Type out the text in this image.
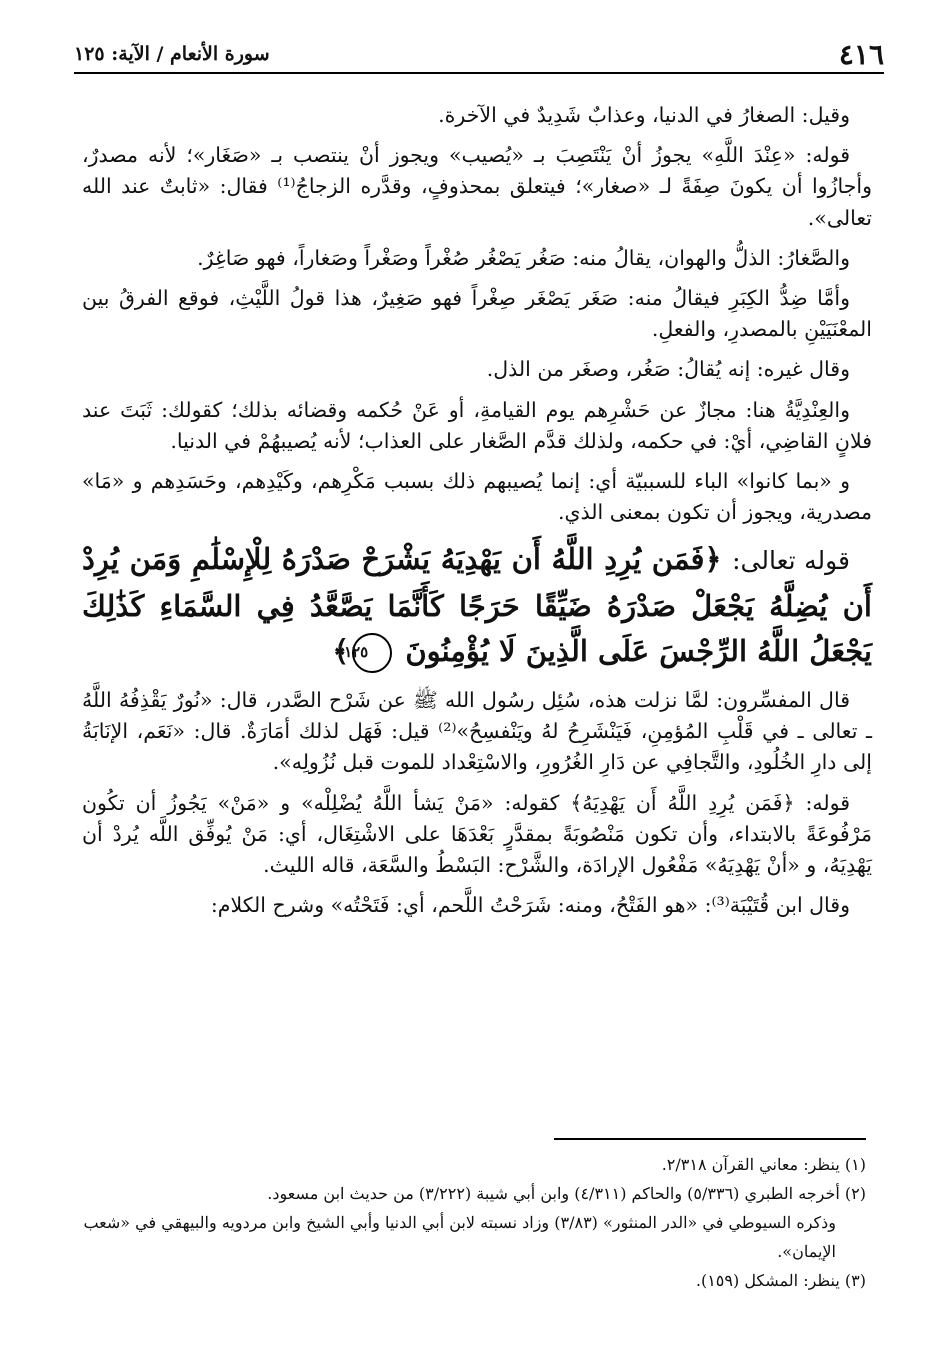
٤١٦
سورة الأنعام / الآية: ١٢٥

وقيل: الصغارُ في الدنيا، وعذابٌ شَدِيدٌ في الآخرة.

قوله: «عِنْدَ اللَّهِ» يجوزُ أنْ يَنْتَصِبَ بـ «يُصيب» ويجوز أنْ ينتصب بـ «صَغَار»؛ لأنه مصدرٌ، وأجازُوا أن يكونَ صِفَةً لـ «صغار»؛ فيتعلق بمحذوفٍ، وقدَّره الزجاجُ⁽¹⁾ فقال: «ثابتٌ عند الله تعالى».

والصَّغارُ: الذلُّ والهوان، يقالُ منه: صَغُر يَصْغُر صُغْراً وصَغْراً وصَغاراً، فهو صَاغِرٌ.

وأمَّا ضِدُّ الكِبَرِ فيقالُ منه: صَغَر يَصْغَر صِغْراً فهو صَغِيرٌ، هذا قولُ اللَّيْثِ، فوقع الفرقُ بين المعْنَيَيْنِ بالمصدرِ، والفعلِ.

وقال غيره: إنه يُقالُ: صَغُر، وصغَر من الذل.

والعِنْدِيَّةُ هنا: مجازٌ عن حَشْرِهم يوم القيامةِ، أو عَنْ حُكمه وقضائه بذلك؛ كقولك: ثَبَتَ عند فلانٍ القاضِي، أيْ: في حكمه، ولذلك قدَّم الصَّغار على العذاب؛ لأنه يُصيبهُمْ في الدنيا.

و «بما كانوا» الباء للسببيّة أي: إنما يُصيبهم ذلك بسبب مَكْرِهم، وكَيْدِهم، وحَسَدِهم و «مَا» مصدرية، ويجوز أن تكون بمعنى الذي.

قوله تعالى: ﴿فَمَن يُرِدِ اللَّهُ أَن يَهْدِيَهُ يَشْرَحْ صَدْرَهُ لِلْإِسْلَٰمِ وَمَن يُرِدْ أَن يُضِلَّهُ يَجْعَلْ صَدْرَهُ ضَيِّقًا حَرَجًا كَأَنَّمَا يَصَّعَّدُ فِي السَّمَاءِ كَذَٰلِكَ يَجْعَلُ اللَّهُ الرِّجْسَ عَلَى الَّذِينَ لَا يُؤْمِنُونَ ١٢٥﴾

قال المفسِّرون: لمَّا نزلت هذه، سُئِل رسُول الله ﷺ عن شَرْح الصَّدر، قال: «نُورٌ يَقْذِفُهُ اللَّهُ ـ تعالى ـ في قَلْبِ المُؤمِنِ، فَيَنْشَرِحُ لهُ ويَنْفسِحُ»⁽²⁾ قيل: فَهَل لذلك أمَارَةٌ. قال: «نَعَم، الإنَابَةُ إلى دارِ الخُلُودِ، والتَّجافِي عن دَارِ الغُرُورِ، والاسْتِعْداد للموت قبل نُزُولِه».

قوله: ﴿فَمَن يُرِدِ اللَّهُ أَن يَهْدِيَهُ﴾ كقوله: «مَنْ يَشأ اللَّهُ يُضْلِلْه» و «مَنْ» يَجُوزُ أن تكُون مَرْفُوعَةً بالابتداء، وأن تكون مَنْصُوبَةً بمقدَّرٍ بَعْدَهَا على الاشْتِغَال، أي: مَنْ يُوفِّق اللَّه يُردْ أن يَهْدِيَهُ، و «أنْ يَهْدِيَهُ» مَفْعُول الإرادَة، والشَّرْح: البَسْطُ والسَّعَة، قاله الليث.

وقال ابن قُتَيْبَة⁽³⁾: «هو الفَتْحُ، ومنه: شَرَحْتُ اللَّحم، أي: فَتَحْتُه» وشرح الكلام:

(١) ينظر: معاني القرآن ٢/٣١٨.

(٢) أخرجه الطبري (٥/٣٣٦) والحاكم (٤/٣١١) وابن أبي شيبة (٣/٢٢٢) من حديث ابن مسعود.

وذكره السيوطي في «الدر المنثور» (٣/٨٣) وزاد نسبته لابن أبي الدنيا وأبي الشيخ وابن مردويه والبيهقي في «شعب الإيمان».

(٣) ينظر: المشكل (١٥٩).
